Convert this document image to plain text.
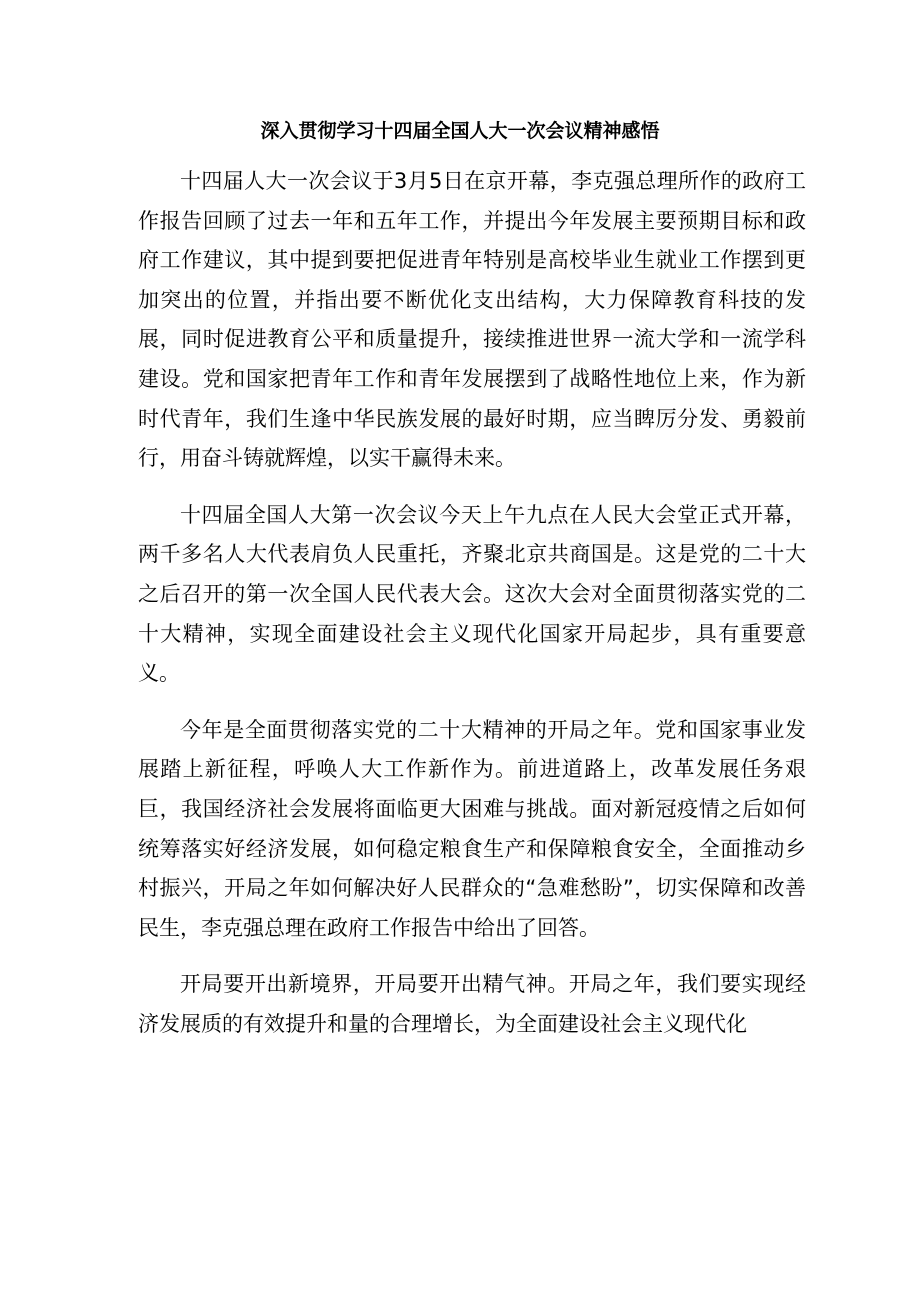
深入贯彻学习十四届全国人大一次会议精神感悟

十四届人大一次会议于3月5日在京开幕，李克强总理所作的政府工作报告回顾了过去一年和五年工作，并提出今年发展主要预期目标和政府工作建议，其中提到要把促进青年特别是高校毕业生就业工作摆到更加突出的位置，并指出要不断优化支出结构，大力保障教育科技的发展，同时促进教育公平和质量提升，接续推进世界一流大学和一流学科建设。党和国家把青年工作和青年发展摆到了战略性地位上来，作为新时代青年，我们生逢中华民族发展的最好时期，应当睥厉分发、勇毅前行，用奋斗铸就辉煌，以实干赢得未来。

十四届全国人大第一次会议今天上午九点在人民大会堂正式开幕，两千多名人大代表肩负人民重托，齐聚北京共商国是。这是党的二十大之后召开的第一次全国人民代表大会。这次大会对全面贯彻落实党的二十大精神，实现全面建设社会主义现代化国家开局起步，具有重要意义。

今年是全面贯彻落实党的二十大精神的开局之年。党和国家事业发展踏上新征程，呼唤人大工作新作为。前进道路上，改革发展任务艰巨，我国经济社会发展将面临更大困难与挑战。面对新冠疫情之后如何统筹落实好经济发展，如何稳定粮食生产和保障粮食安全，全面推动乡村振兴，开局之年如何解决好人民群众的“急难愁盼”，切实保障和改善民生，李克强总理在政府工作报告中给出了回答。

开局要开出新境界，开局要开出精气神。开局之年，我们要实现经济发展质的有效提升和量的合理增长，为全面建设社会主义现代化
